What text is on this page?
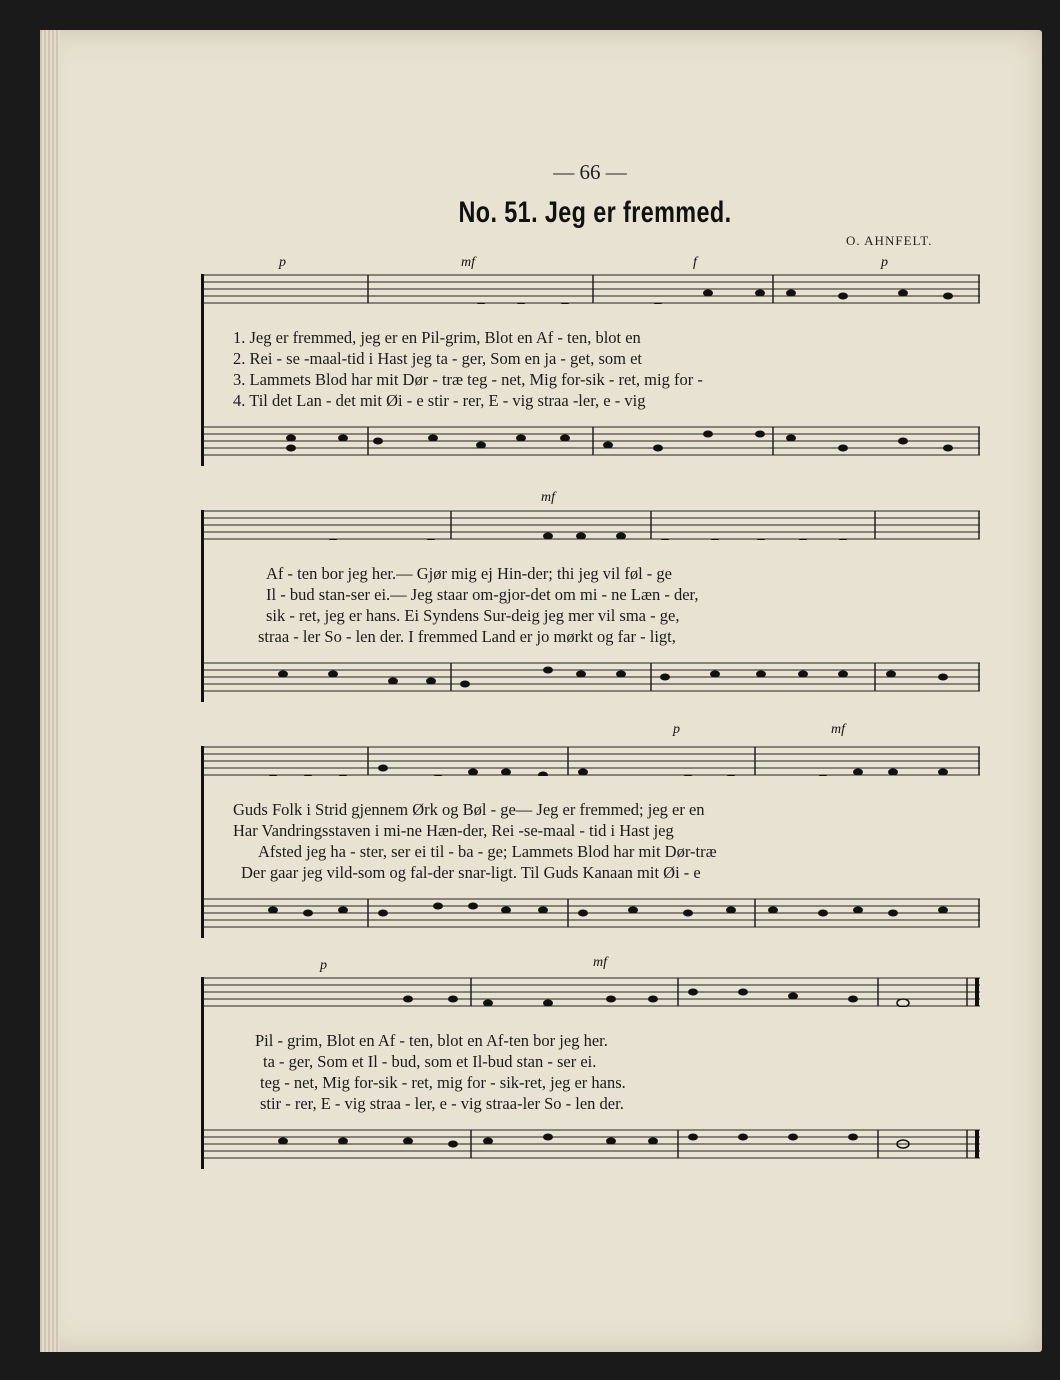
— 66 —
No. 51. Jeg er fremmed.
O. AHNFELT.
p	mf	f	p
1. Jeg er fremmed, jeg er en Pil-grim, Blot en Af - ten, blot en
2. Rei - se -maal-tid i Hast jeg ta - ger, Som en ja - get, som et
3. Lammets Blod har mit Dør - træ teg - net, Mig for-sik - ret, mig for -
4. Til det Lan - det mit Øi - e stir - rer, E - vig straa -ler, e - vig
mf
Af - ten bor jeg her.— Gjør mig ej Hin-der; thi jeg vil føl - ge
Il - bud stan-ser ei.— Jeg staar om-gjor-det om mi - ne Læn - der,
sik - ret, jeg er hans. Ei Syndens Sur-deig jeg mer vil sma - ge,
straa - ler So - len der. I fremmed Land er jo mørkt og far - ligt,
p	mf
Guds Folk i Strid gjennem Ørk og Bøl - ge— Jeg er fremmed; jeg er en
Har Vandringsstaven i mi-ne Hæn-der, Rei -se-maal - tid i Hast jeg
Afsted jeg ha - ster, ser ei til - ba - ge; Lammets Blod har mit Dør-træ
Der gaar jeg vild-som og fal-der snar-ligt. Til Guds Kanaan mit Øi - e
p	mf
Pil - grim, Blot en Af - ten, blot en Af-ten bor jeg her.
ta - ger, Som et Il - bud, som et Il-bud stan - ser ei.
teg - net, Mig for-sik - ret, mig for - sik-ret, jeg er hans.
stir - rer, E - vig straa - ler, e - vig straa-ler So - len der.
